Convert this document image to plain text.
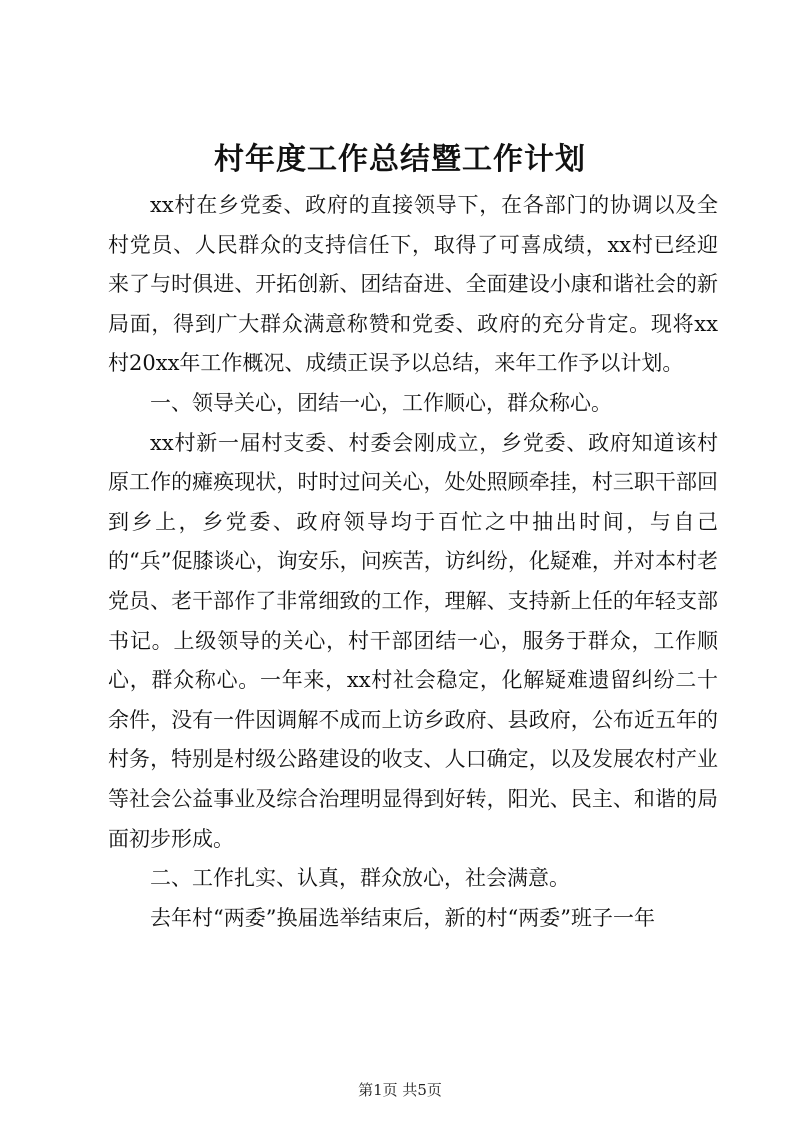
村年度工作总结暨工作计划

xx村在乡党委、政府的直接领导下，在各部门的协调以及全村党员、人民群众的支持信任下，取得了可喜成绩，xx村已经迎来了与时俱进、开拓创新、团结奋进、全面建设小康和谐社会的新局面，得到广大群众满意称赞和党委、政府的充分肯定。现将xx村20xx年工作概况、成绩正误予以总结，来年工作予以计划。

一、领导关心，团结一心，工作顺心，群众称心。

xx村新一届村支委、村委会刚成立，乡党委、政府知道该村原工作的瘫痪现状，时时过问关心，处处照顾牵挂，村三职干部回到乡上，乡党委、政府领导均于百忙之中抽出时间，与自己的“兵”促膝谈心，询安乐，问疾苦，访纠纷，化疑难，并对本村老党员、老干部作了非常细致的工作，理解、支持新上任的年轻支部书记。上级领导的关心，村干部团结一心，服务于群众，工作顺心，群众称心。一年来，xx村社会稳定，化解疑难遗留纠纷二十余件，没有一件因调解不成而上访乡政府、县政府，公布近五年的村务，特别是村级公路建设的收支、人口确定，以及发展农村产业等社会公益事业及综合治理明显得到好转，阳光、民主、和谐的局面初步形成。

二、工作扎实、认真，群众放心，社会满意。

去年村“两委”换届选举结束后，新的村“两委”班子一年

第1页 共5页
